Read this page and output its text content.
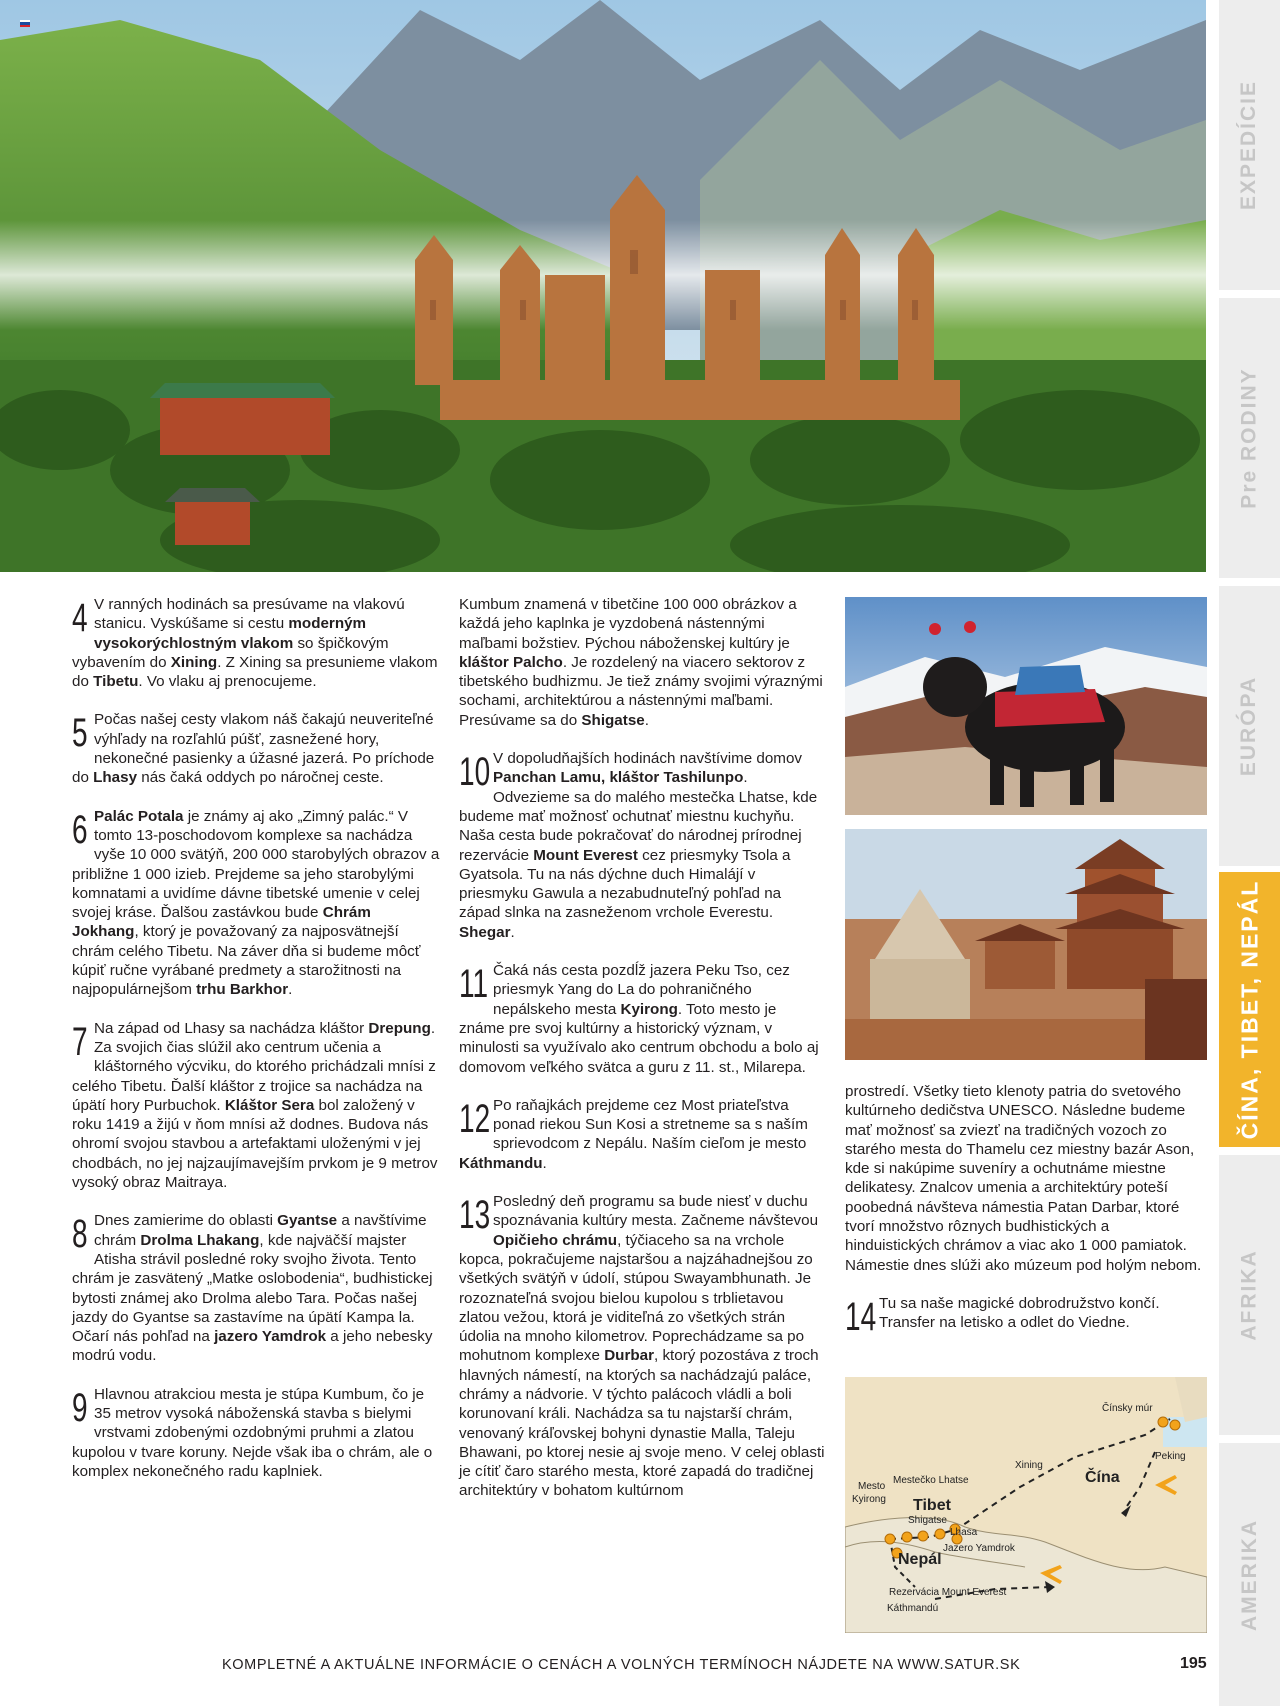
EXPEDÍCIE
Pre RODINY
EURÓPA
ČÍNA, TIBET, NEPÁL
AFRIKA
AMERIKA
4 V ranných hodinách sa presúvame na vlakovú stanicu. Vyskúšame si cestu moderným vysokorýchlostným vlakom so špičkovým vybavením do Xining. Z Xining sa presunieme vlakom do Tibetu. Vo vlaku aj prenocujeme.
5 Počas našej cesty vlakom náš čakajú neuveriteľné výhľady na rozľahlú púšť, zasnežené hory, nekonečné pasienky a úžasné jazerá. Po príchode do Lhasy nás čaká oddych po náročnej ceste.
6 Palác Potala je známy aj ako „Zimný palác.“ V tomto 13-poschodovom komplexe sa nachádza vyše 10 000 svätýň, 200 000 starobylých obrazov a približne 1 000 izieb. Prejdeme sa jeho starobylými komnatami a uvidíme dávne tibetské umenie v celej svojej kráse. Ďalšou zastávkou bude Chrám Jokhang, ktorý je považovaný za najposvätnejší chrám celého Tibetu. Na záver dňa si budeme môcť kúpiť ručne vyrábané predmety a starožitnosti na najpopulárnejšom trhu Barkhor.
7 Na západ od Lhasy sa nachádza kláštor Drepung. Za svojich čias slúžil ako centrum učenia a kláštorného výcviku, do ktorého prichádzali mnísi z celého Tibetu. Ďalší kláštor z trojice sa nachádza na úpätí hory Purbuchok. Kláštor Sera bol založený v roku 1419 a žijú v ňom mnísi až dodnes. Budova nás ohromí svojou stavbou a artefaktami uloženými v jej chodbách, no jej najzaujímavejším prvkom je 9 metrov vysoký obraz Maitraya.
8 Dnes zamierime do oblasti Gyantse a navštívime chrám Drolma Lhakang, kde najväčší majster Atisha strávil posledné roky svojho života. Tento chrám je zasvätený „Matke oslobodenia“, budhistickej bytosti známej ako Drolma alebo Tara. Počas našej jazdy do Gyantse sa zastavíme na úpätí Kampa la. Očarí nás pohľad na jazero Yamdrok a jeho nebesky modrú vodu.
9 Hlavnou atrakciou mesta je stúpa Kumbum, čo je 35 metrov vysoká náboženská stavba s bielymi vrstvami zdobenými ozdobnými pruhmi a zlatou kupolou v tvare koruny. Nejde však iba o chrám, ale o komplex nekonečného radu kaplniek.

Kumbum znamená v tibetčine 100 000 obrázkov a každá jeho kaplnka je vyzdobená nástennými maľbami božstiev. Pýchou náboženskej kultúry je kláštor Palcho. Je rozdelený na viacero sektorov z tibetského budhizmu. Je tiež známy svojimi výraznými sochami, architektúrou a nástennými maľbami. Presúvame sa do Shigatse.

10 V dopoludňajších hodinách navštívime domov Panchan Lamu, kláštor Tashilunpo. Odvezieme sa do malého mestečka Lhatse, kde budeme mať možnosť ochutnať miestnu kuchyňu. Naša cesta bude pokračovať do národnej prírodnej rezervácie Mount Everest cez priesmyky Tsola a Gyatsola. Tu na nás dýchne duch Himalájí v priesmyku Gawula a nezabudnuteľný pohľad na západ slnka na zasneženom vrchole Everestu. Shegar.
11 Čaká nás cesta pozdĺž jazera Peku Tso, cez priesmyk Yang do La do pohraničného nepálskeho mesta Kyirong. Toto mesto je známe pre svoj kultúrny a historický význam, v minulosti sa využívalo ako centrum obchodu a bolo aj domovom veľkého svätca a guru z 11. st., Milarepa.
12 Po raňajkách prejdeme cez Most priateľstva ponad riekou Sun Kosi a stretneme sa s naším sprievodcom z Nepálu. Naším cieľom je mesto Káthmandu.
13 Posledný deň programu sa bude niesť v duchu spoznávania kultúry mesta. Začneme návštevou Opičieho chrámu, týčiaceho sa na vrchole kopca, pokračujeme najstaršou a najzáhadnejšou zo všetkých svätýň v údolí, stúpou Swayambhunath. Je rozoznateľná svojou bielou kupolou s trblietavou zlatou vežou, ktorá je viditeľná zo všetkých strán údolia na mnoho kilometrov. Poprechádzame sa po mohutnom komplexe Durbar, ktorý pozostáva z troch hlavných námestí, na ktorých sa nachádzajú paláce, chrámy a nádvorie. V týchto palácoch vládli a boli korunovaní králi. Nachádza sa tu najstarší chrám, venovaný kráľovskej bohyni dynastie Malla, Taleju Bhawani, po ktorej nesie aj svoje meno. V celej oblasti je cítiť čaro starého mesta, ktoré zapadá do tradičnej architektúry v bohatom kultúrnom

prostredí. Všetky tieto klenoty patria do svetového kultúrneho dedičstva UNESCO. Následne budeme mať možnosť sa zviezť na tradičných vozoch zo starého mesta do Thamelu cez miestny bazár Ason, kde si nakúpime suveníry a ochutnáme miestne delikatesy. Znalcov umenia a architektúry poteší poobedná návšteva námestia Patan Darbar, ktoré tvorí množstvo rôznych budhistických a hinduistických chrámov a viac ako 1 000 pamiatok. Námestie dnes slúži ako múzeum pod holým nebom.

14 Tu sa naše magické dobrodružstvo končí. Transfer na letisko a odlet do Viedne.
Čínsky múr
Xining
Peking
Čína
Mestečko Lhatse
Mesto
Kyirong Tibet
Shigatse
Lhasa
Jazero Yamdrok
Nepál
Rezervácia Mount Everest
Káthmandú
KOMPLETNÉ A AKTUÁLNE INFORMÁCIE O CENÁCH A VOLNÝCH TERMÍNOCH NÁJDETE NA WWW.SATUR.SK	195
